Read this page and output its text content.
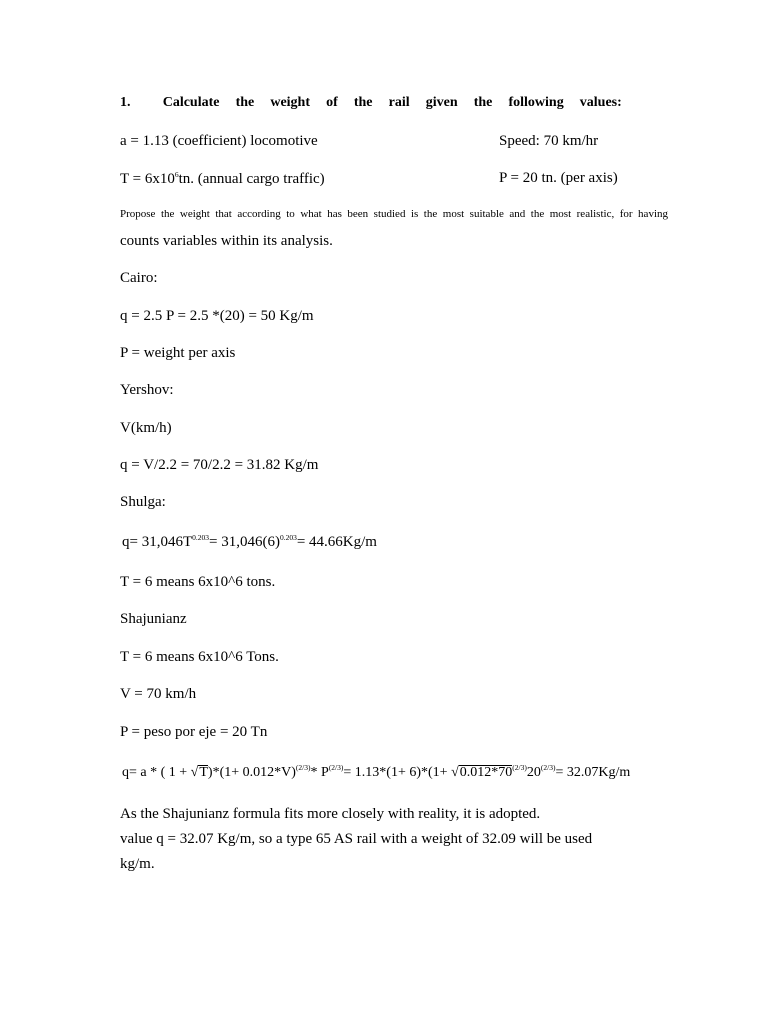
1. Calculate the weight of the rail given the following values:
a = 1.13 (coefficient) locomotive	Speed: 70 km/hr
$T = 6x10^6tn$. (annual cargo traffic)	P = 20 tn. (per axis)
Propose the weight that according to what has been studied is the most suitable and the most realistic, for having
counts variables within its analysis.
Cairo:
q = 2.5 P = 2.5 *(20) = 50 Kg/m
P = weight per axis
Yershov:
V(km/h)
q = V/2.2 = 70/2.2 = 31.82 Kg/m
Shulga:
$q= 31,046T^{0.203}= 31,046(6)^{0.203}= 44.66Kg/m$
T = 6 means 6x10^6 tons.
Shajunianz
T = 6 means 6x10^6 Tons.
V = 70 km/h
P = peso por eje = 20 Tn
q= a * ( $1 + √T)*(1+ 0.012*V)^{(2/3)}*$ $P^{(2/3)}= 1.13*(1+ 6)*(1+ √0.012*70^{(2/3)}20^{(2/3)}= 32.07Kg/m$
As the Shajunianz formula fits more closely with reality, it is adopted.
value q = 32.07 Kg/m, so a type 65 AS rail with a weight of 32.09 will be used
kg/m.
